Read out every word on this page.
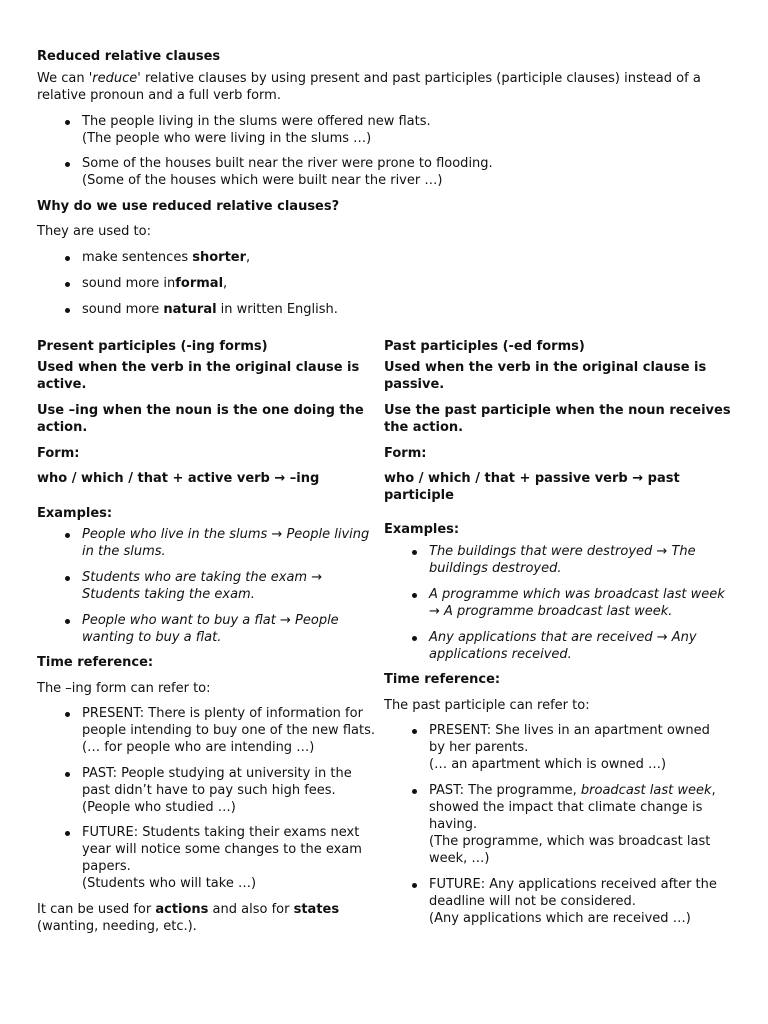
Reduced relative clauses

We can 'reduce' relative clauses by using present and past participles (participle clauses) instead of a
relative pronoun and a full verb form.

The people living in the slums were offered new flats.
(The people who were living in the slums …)

Some of the houses built near the river were prone to flooding.
(Some of the houses which were built near the river …)

Why do we use reduced relative clauses?

They are used to:

make sentences shorter,

sound more informal,

sound more natural in written English.

Present participles (-ing forms)

Used when the verb in the original clause is
active.

Use –ing when the noun is the one doing the
action.

Form:

who / which / that + active verb → –ing

Examples:

People who live in the slums → People living
in the slums.

Students who are taking the exam →
Students taking the exam.

People who want to buy a flat → People
wanting to buy a flat.

Time reference:

The –ing form can refer to:

PRESENT: There is plenty of information for
people intending to buy one of the new flats.
(… for people who are intending …)

PAST: People studying at university in the
past didn’t have to pay such high fees.
(People who studied …)

FUTURE: Students taking their exams next
year will notice some changes to the exam
papers.
(Students who will take …)

It can be used for actions and also for states
(wanting, needing, etc.).

Past participles (-ed forms)

Used when the verb in the original clause is
passive.

Use the past participle when the noun receives
the action.

Form:

who / which / that + passive verb → past
participle

Examples:

The buildings that were destroyed → The
buildings destroyed.

A programme which was broadcast last week
→ A programme broadcast last week.

Any applications that are received → Any
applications received.

Time reference:

The past participle can refer to:

PRESENT: She lives in an apartment owned
by her parents.
(… an apartment which is owned …)

PAST: The programme, broadcast last week,
showed the impact that climate change is
having.
(The programme, which was broadcast last
week, …)

FUTURE: Any applications received after the
deadline will not be considered.
(Any applications which are received …)
